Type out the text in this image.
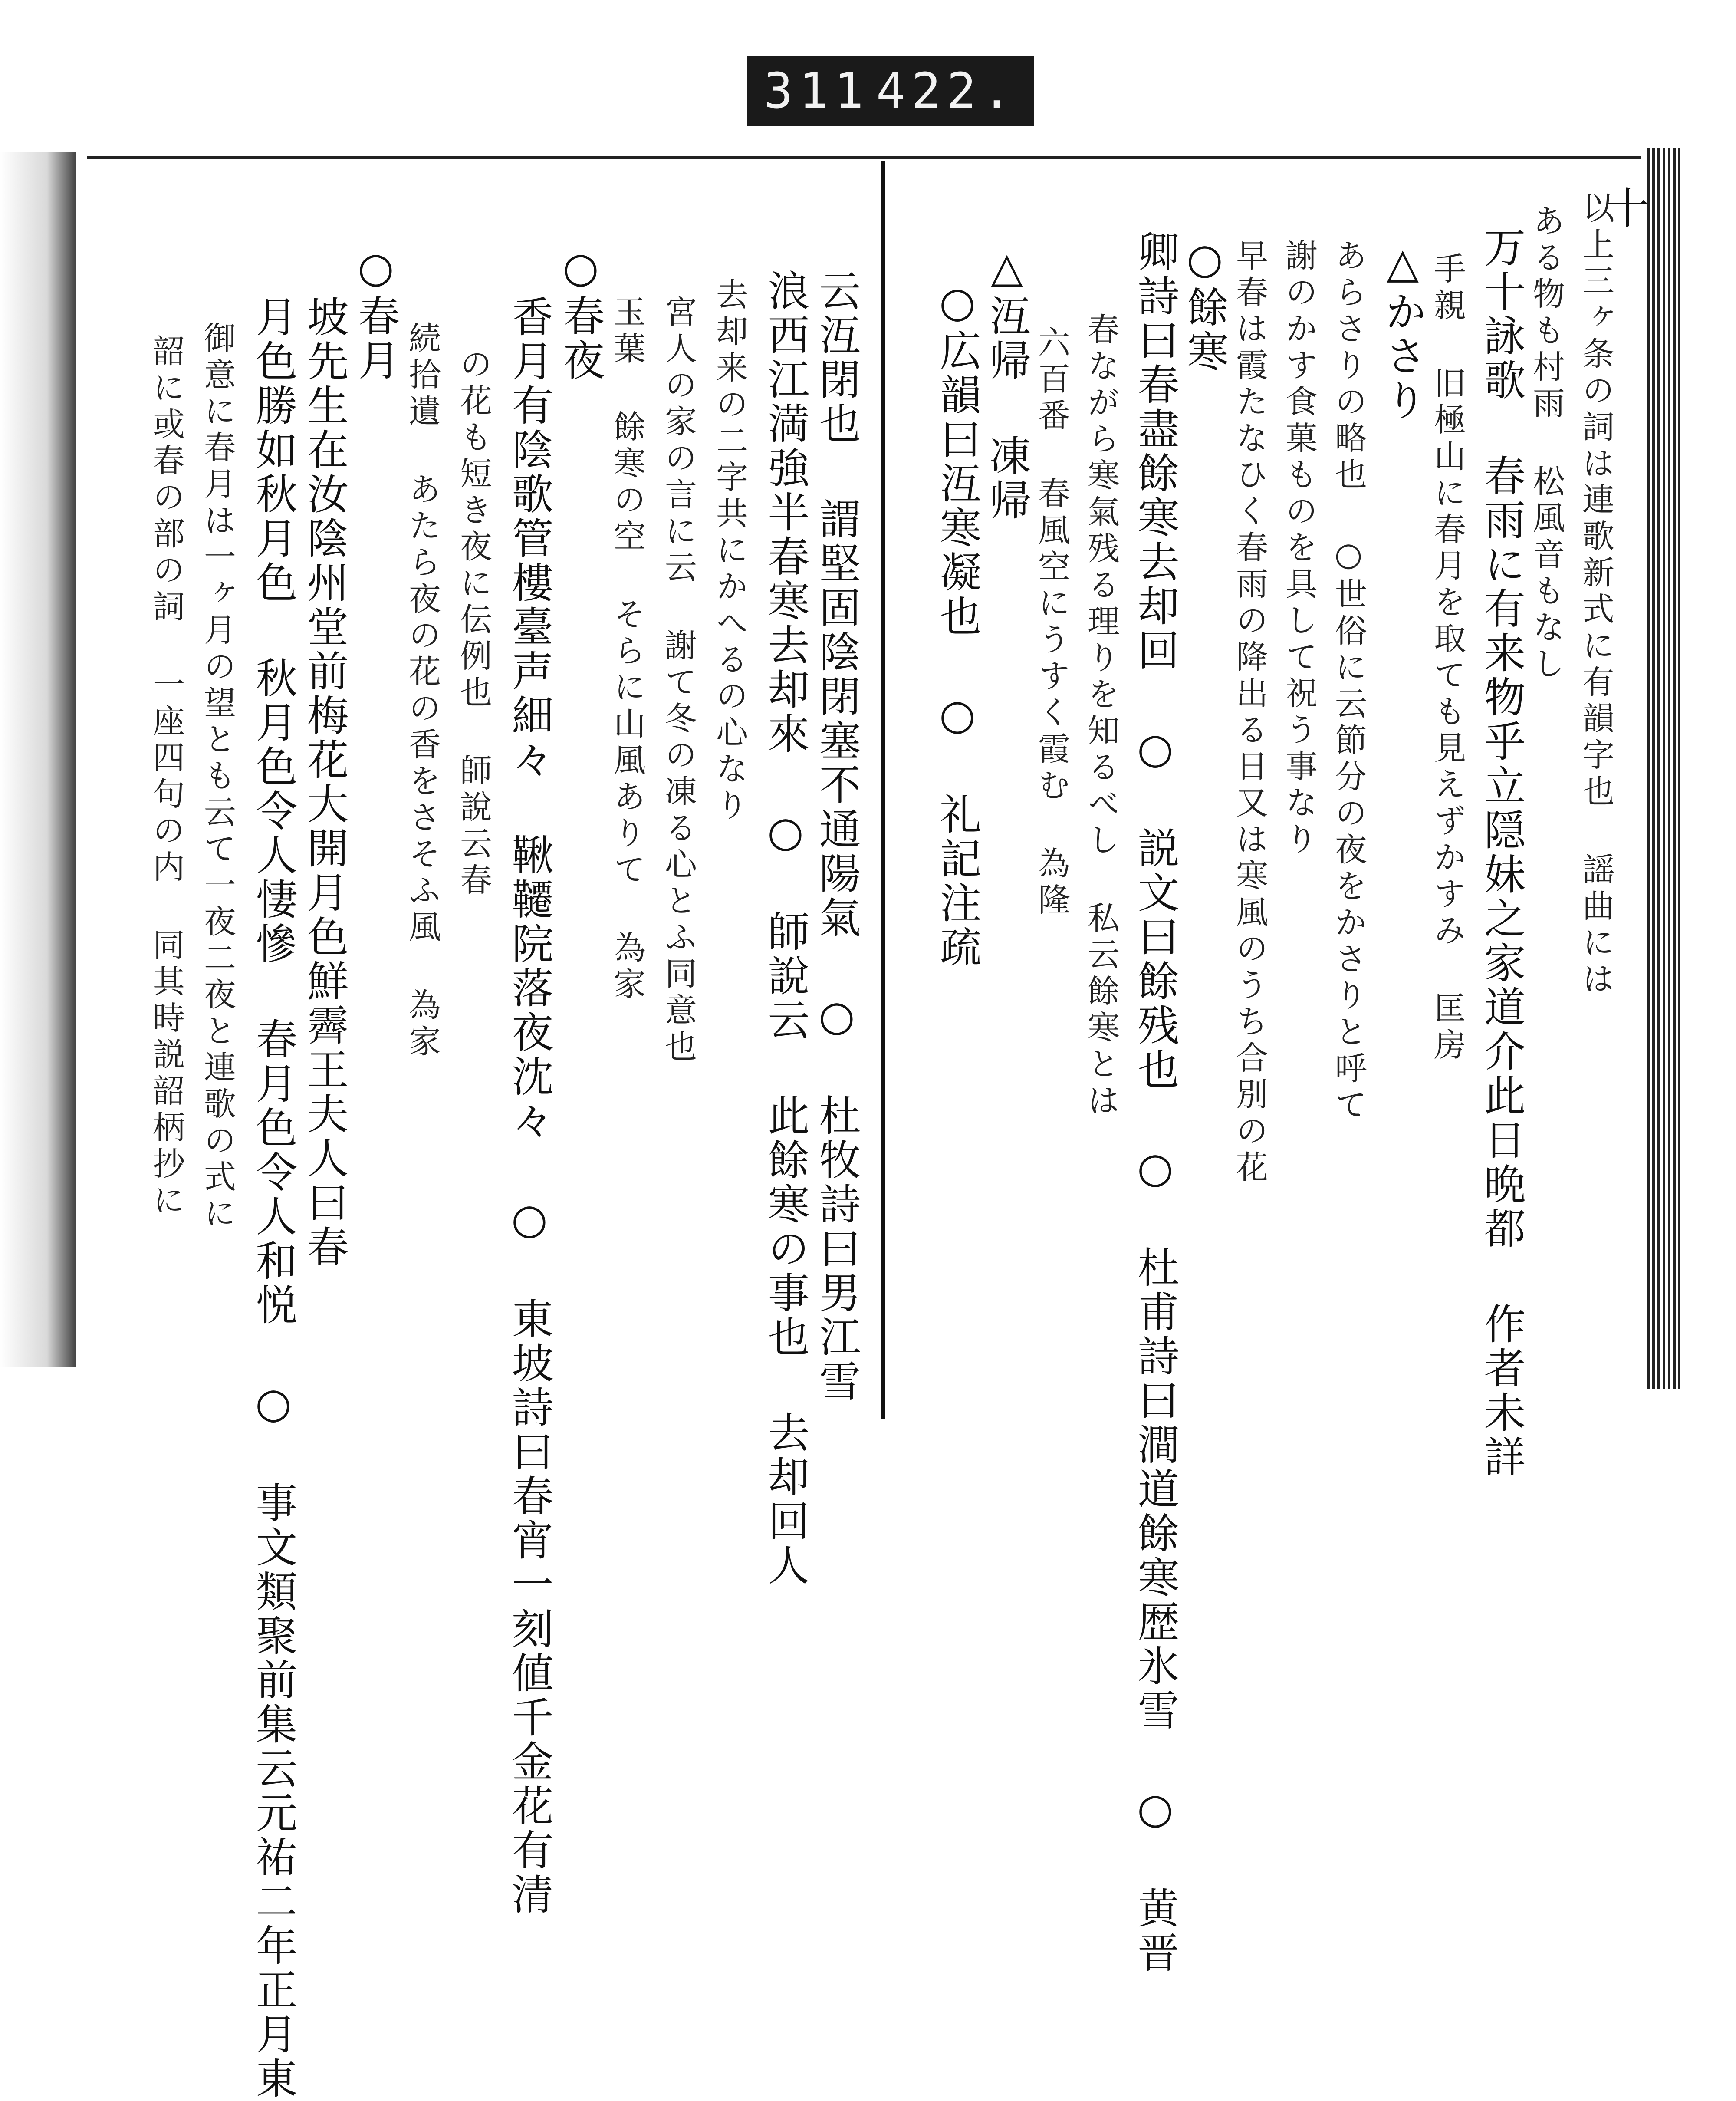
311 422.
十
以上三ヶ条の詞は連歌新式に有韻字也 謡曲には
ある物も村雨 松風音もなし
万十詠歌 春雨に有来物乎立隠妹之家道介此日晩都 作者未詳
手親 旧極山に春月を取ても見えずかすみ 匡房
△かさり
あらさりの略也 ○世俗に云節分の夜をかさりと呼て
謝のかす食菓ものを具して祝う事なり
早春は霞たなひく春雨の降出る日又は寒風のうち合別の花
○餘寒
卿詩曰春盡餘寒去却回 ○ 説文曰餘残也 ○ 杜甫詩曰澗道餘寒歴氷雪 ○ 黄晋
春ながら寒氣残る理りを知るべし 私云餘寒とは
六百番 春風空にうすく霞む 為隆
△沍帰 凍帰
○広韻曰沍寒凝也 ○ 礼記注疏
云沍閉也 謂堅固陰閉塞不通陽氣 ○ 杜牧詩曰男江雪
浪西江満強半春寒去却來 ○ 師說云 此餘寒の事也 去却回人
去却来の二字共にかへるの心なり
宮人の家の言に云 謝て冬の凍る心とふ同意也
玉葉 餘寒の空 そらに山風ありて 為家
○春夜
香月有陰歌管樓臺声細々 鞦韆院落夜沈々 ○ 東坡詩曰春宵一刻値千金花有清
の花も短き夜に伝例也 師說云春
続拾遺 あたら夜の花の香をさそふ風 為家
○春月
坡先生在汝陰州堂前梅花大開月色鮮霽王夫人曰春
月色勝如秋月色 秋月色令人悽慘 春月色令人和悦 ○ 事文類聚前集云元祐二年正月東
御意に春月は一ヶ月の望とも云て一夜二夜と連歌の式に
韶に或春の部の詞 一座四句の内 同其時説韶柄抄に
